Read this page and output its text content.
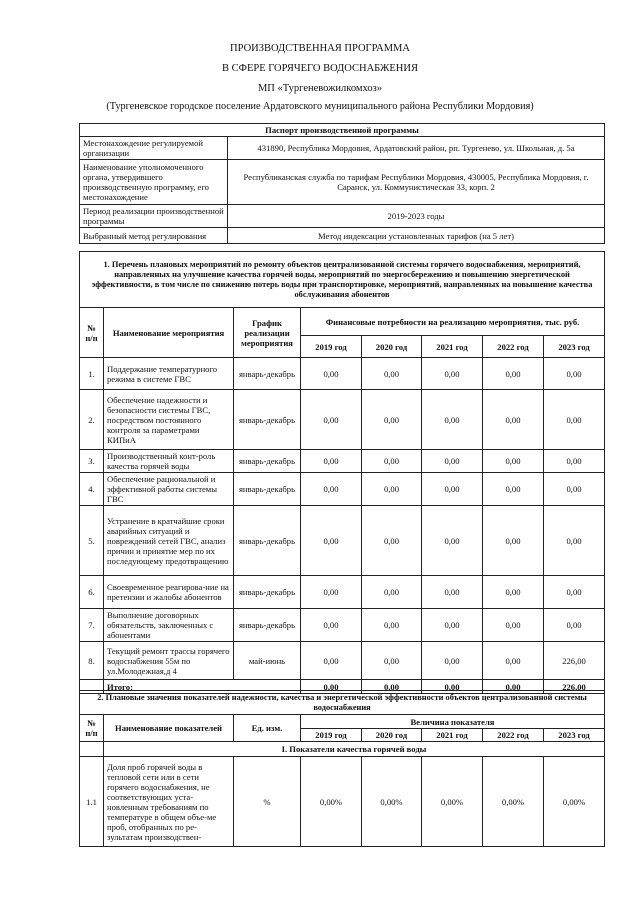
ПРОИЗВОДСТВЕННАЯ ПРОГРАММА
В СФЕРЕ ГОРЯЧЕГО ВОДОСНАБЖЕНИЯ
МП «Тургеневожилкомхоз»
(Тургеневское городское поселение Ардатовского муниципального района Республики Мордовия)
Паспорт производственной программы	
Местонахождение регулируемой организации	431890, Республика Мордовия, Ардатовский район, рп. Тургенево, ул. Школьная, д. 5а
Наименование уполномоченного органа, утвердившего производственную программу, его местонахождение	Республиканская служба по тарифам Республики Мордовия, 430005, Республика Мордовия, г. Саранск, ул. Коммунистическая 33, корп. 2
Период реализации производственной программы	2019-2023 годы
Выбранный метод регулирования	Метод индексации установленных тарифов (на 5 лет)
1. Перечень плановых мероприятий по ремонту объектов централизованной системы горячего водоснабжения, мероприятий, направленных на улучшение качества горячей воды, мероприятий по энергосбережению и повышению энергетической эффективности, в том числе по снижению потерь воды при транспортировке, мероприятий, направленных на повышение качества обслуживания абонентов							
№ п/п	Наименование мероприятия	График реализации мероприятия	Финансовые потребности на реализацию мероприятия, тыс. руб.				
			2019 год	2020 год	2021 год	2022 год	2023 год
1.	Поддержание температурного режима в системе ГВС	январь-декабрь	0,00	0,00	0,00	0,00	0,00
2.	Обеспечение надежности и безопасности системы ГВС, посредством постоянного контроля за параметрами КИПиА	январь-декабрь	0,00	0,00	0,00	0,00	0,00
3.	Производственный конт-роль качества горячей воды	январь-декабрь	0,00	0,00	0,00	0,00	0,00
4.	Обеспечение рациональной и эффективной работы системы ГВС	январь-декабрь	0,00	0,00	0,00	0,00	0,00
5.	Устранение в кратчайшие сроки аварийных ситуаций и повреждений сетей ГВС, анализ причин и принятие мер по их последующему предотвращению	январь-декабрь	0,00	0,00	0,00	0,00	0,00
6.	Своевременное реагирова-ние на претензии и жалобы абонентов	январь-декабрь	0,00	0,00	0,00	0,00	0,00
7.	Выполнение договорных обязательств, заключенных с абонентами	январь-декабрь	0,00	0,00	0,00	0,00	0,00
8.	Текущий ремонт трассы горячего водоснабжения 55м по ул.Молодежная,д 4	май-июнь	0,00	0,00	0,00	0,00	226,00
	Итого:		0,00	0,00	0,00	0,00	226,00
2. Плановые значения показателей надежности, качества и энергетической эффективности объектов централизованной системы водоснабжения							
№ п/п	Наименование показателей	Ед. изм.	Величина показателя				
			2019 год	2020 год	2021 год	2022 год	2023 год
	I. Показатели качества горячей воды						
1.1	Доля проб горячей воды в тепловой сети или в сети горячего водоснабжения, не соответствующих уста-новленным требованиям по температуре в общем объе-ме проб, отобранных по ре-зультатам производствен-	%	0,00%	0,00%	0,00%	0,00%	0,00%
